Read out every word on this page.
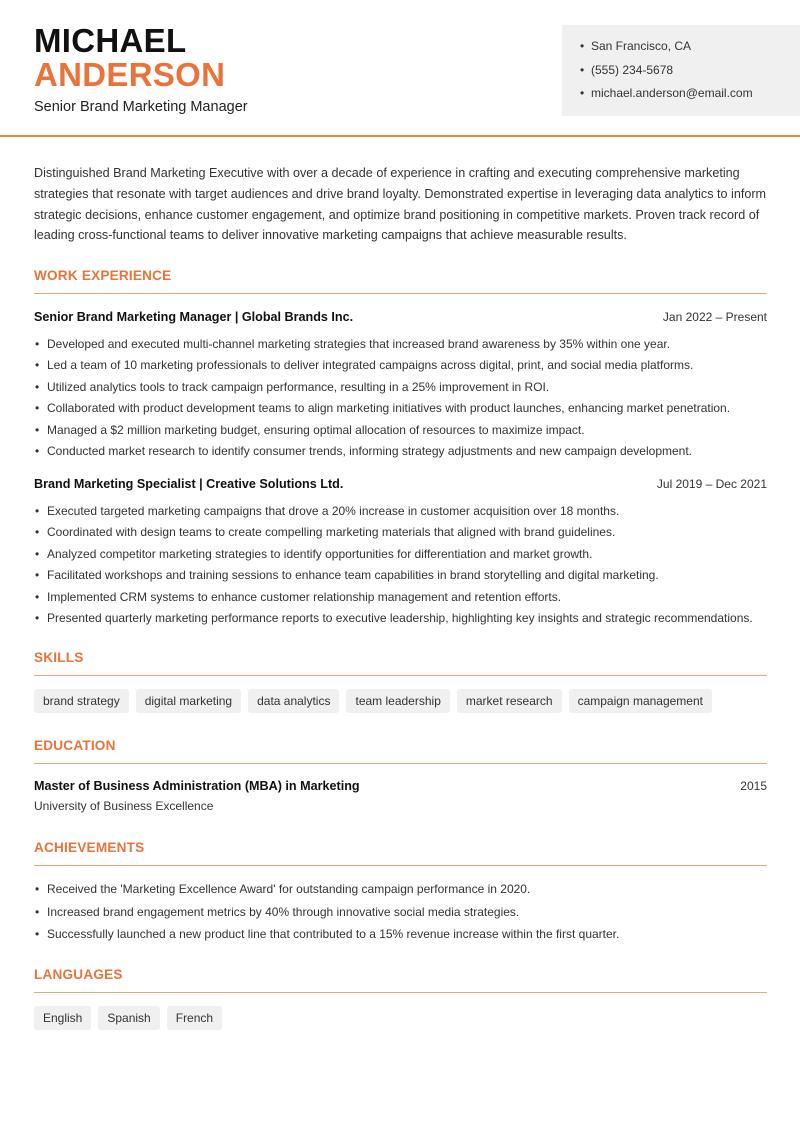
MICHAEL
ANDERSON
Senior Brand Marketing Manager
• San Francisco, CA
• (555) 234-5678
• michael.anderson@email.com

Distinguished Brand Marketing Executive with over a decade of experience in crafting and executing comprehensive marketing strategies that resonate with target audiences and drive brand loyalty. Demonstrated expertise in leveraging data analytics to inform strategic decisions, enhance customer engagement, and optimize brand positioning in competitive markets. Proven track record of leading cross-functional teams to deliver innovative marketing campaigns that achieve measurable results.

WORK EXPERIENCE
Senior Brand Marketing Manager | Global Brands Inc.	Jan 2022 – Present
• Developed and executed multi-channel marketing strategies that increased brand awareness by 35% within one year.
• Led a team of 10 marketing professionals to deliver integrated campaigns across digital, print, and social media platforms.
• Utilized analytics tools to track campaign performance, resulting in a 25% improvement in ROI.
• Collaborated with product development teams to align marketing initiatives with product launches, enhancing market penetration.
• Managed a $2 million marketing budget, ensuring optimal allocation of resources to maximize impact.
• Conducted market research to identify consumer trends, informing strategy adjustments and new campaign development.
Brand Marketing Specialist | Creative Solutions Ltd.	Jul 2019 – Dec 2021
• Executed targeted marketing campaigns that drove a 20% increase in customer acquisition over 18 months.
• Coordinated with design teams to create compelling marketing materials that aligned with brand guidelines.
• Analyzed competitor marketing strategies to identify opportunities for differentiation and market growth.
• Facilitated workshops and training sessions to enhance team capabilities in brand storytelling and digital marketing.
• Implemented CRM systems to enhance customer relationship management and retention efforts.
• Presented quarterly marketing performance reports to executive leadership, highlighting key insights and strategic recommendations.
SKILLS
brand strategy	digital marketing	data analytics	team leadership	market research	campaign management
EDUCATION
Master of Business Administration (MBA) in Marketing	2015
University of Business Excellence
ACHIEVEMENTS
• Received the 'Marketing Excellence Award' for outstanding campaign performance in 2020.
• Increased brand engagement metrics by 40% through innovative social media strategies.
• Successfully launched a new product line that contributed to a 15% revenue increase within the first quarter.
LANGUAGES
English	Spanish	French
